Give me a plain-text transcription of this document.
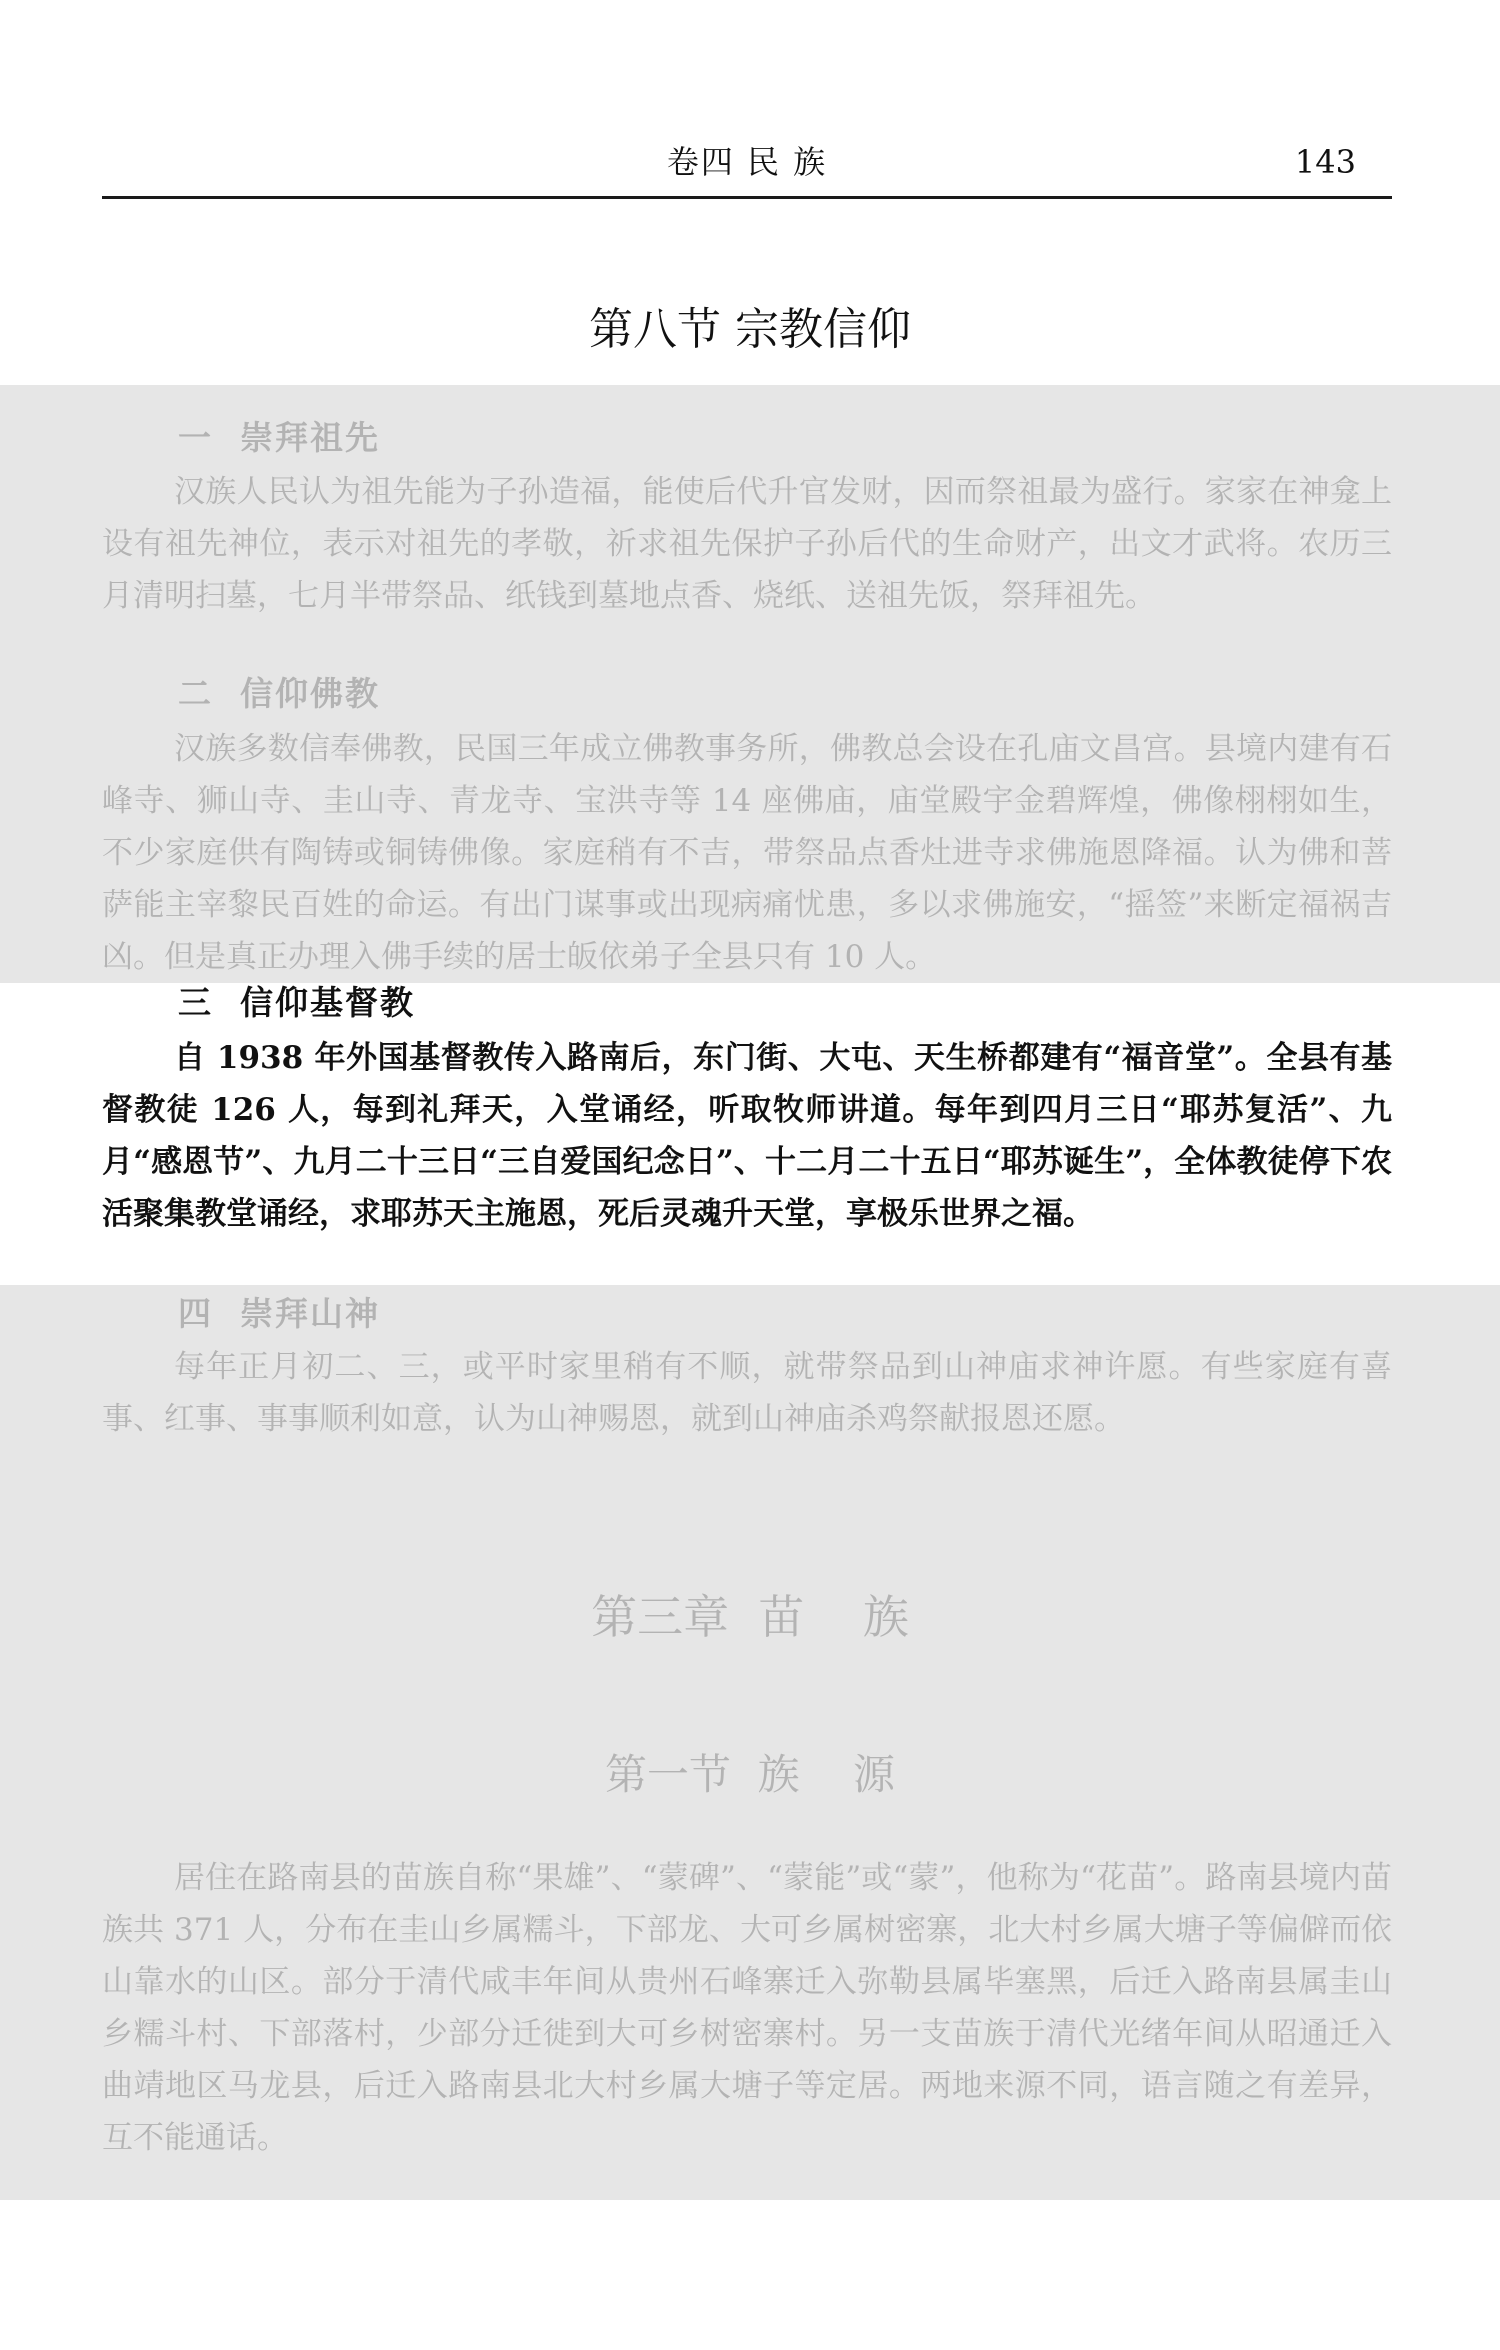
卷四 民 族	143
第八节 宗教信仰
一  崇拜祖先

汉族人民认为祖先能为子孙造福，能使后代升官发财，因而祭祖最为盛行。家家在神龛上设有祖先神位，表示对祖先的孝敬，祈求祖先保护子孙后代的生命财产，出文才武将。农历三月清明扫墓，七月半带祭品、纸钱到墓地点香、烧纸、送祖先饭，祭拜祖先。

二  信仰佛教

汉族多数信奉佛教，民国三年成立佛教事务所，佛教总会设在孔庙文昌宫。县境内建有石峰寺、狮山寺、圭山寺、青龙寺、宝洪寺等 14 座佛庙，庙堂殿宇金碧辉煌，佛像栩栩如生，不少家庭供有陶铸或铜铸佛像。家庭稍有不吉，带祭品点香灶进寺求佛施恩降福。认为佛和菩萨能主宰黎民百姓的命运。有出门谋事或出现病痛忧患，多以求佛施安，“摇签”来断定福祸吉凶。但是真正办理入佛手续的居士皈依弟子全县只有 10 人。

三  信仰基督教

自 1938 年外国基督教传入路南后，东门街、大屯、天生桥都建有“福音堂”。全县有基督教徒 126 人，每到礼拜天，入堂诵经，听取牧师讲道。每年到四月三日“耶苏复活”、九月“感恩节”、九月二十三日“三自爱国纪念日”、十二月二十五日“耶苏诞生”，全体教徒停下农活聚集教堂诵经，求耶苏天主施恩，死后灵魂升天堂，享极乐世界之福。

四  崇拜山神

每年正月初二、三，或平时家里稍有不顺，就带祭品到山神庙求神许愿。有些家庭有喜事、红事、事事顺利如意，认为山神赐恩，就到山神庙杀鸡祭献报恩还愿。

第三章  苗    族
第一节  族    源

居住在路南县的苗族自称“果雄”、“蒙碑”、“蒙能”或“蒙”，他称为“花苗”。路南县境内苗族共 371 人，分布在圭山乡属糯斗，下部龙、大可乡属树密寨，北大村乡属大塘子等偏僻而依山靠水的山区。部分于清代咸丰年间从贵州石峰寨迁入弥勒县属毕塞黑，后迁入路南县属圭山乡糯斗村、下部落村，少部分迁徙到大可乡树密寨村。另一支苗族于清代光绪年间从昭通迁入曲靖地区马龙县，后迁入路南县北大村乡属大塘子等定居。两地来源不同，语言随之有差异，互不能通话。
